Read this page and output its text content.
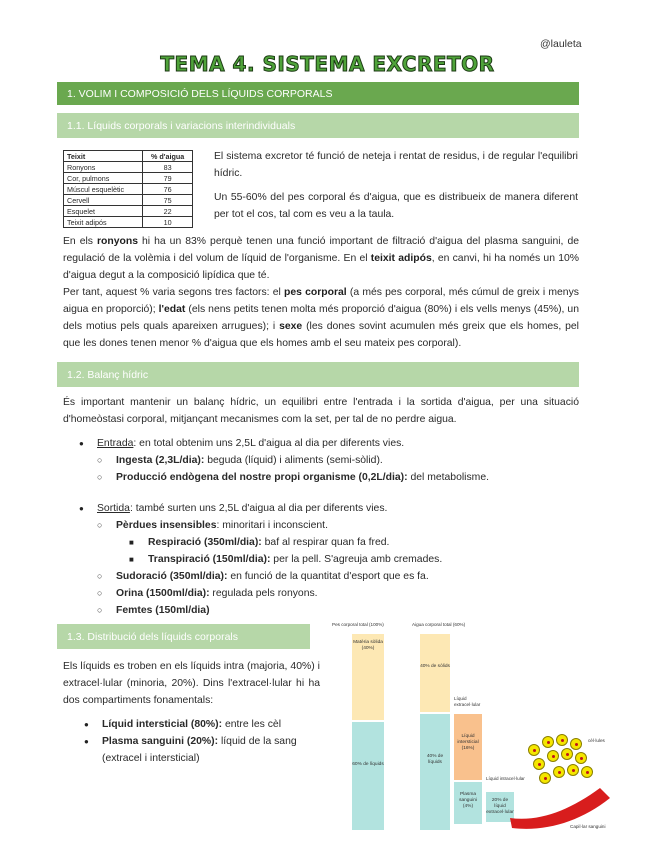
@lauleta
TEMA 4. SISTEMA EXCRETOR
1. VOLIM I COMPOSICIÓ DELS LÍQUIDS CORPORALS
1.1. Líquids corporals i variacions interindividuals
Teixit	% d'aigua
Ronyons	83
Cor, pulmons	79
Múscul esquelètic	76
Cervell	75
Esquelet	22
Teixit adipós	10
El sistema excretor té funció de neteja i rentat de residus, i de regular l'equilibri hídric.
Un 55-60% del pes corporal és d'aigua, que es distribueix de manera diferent per tot el cos, tal com es veu a la taula.
En els ronyons hi ha un 83% perquè tenen una funció important de filtració d'aigua del plasma sanguini, de regulació de la volèmia i del volum de líquid de l'organisme. En el teixit adipós, en canvi, hi ha només un 10% d'aigua degut a la composició lipídica que té.
Per tant, aquest % varia segons tres factors: el pes corporal (a més pes corporal, més cúmul de greix i menys aigua en proporció); l'edat (els nens petits tenen molta més proporció d'aigua (80%) i els vells menys (45%), un dels motius pels quals apareixen arrugues); i sexe (les dones sovint acumulen més greix que els homes, pel que les dones tenen menor % d'aigua que els homes amb el seu mateix pes corporal).
1.2. Balanç hídric
És important mantenir un balanç hídric, un equilibri entre l'entrada i la sortida d'aigua, per una situació d'homeòstasi corporal, mitjançant mecanismes com la set, per tal de no perdre aigua.
● Entrada: en total obtenim uns 2,5L d'aigua al dia per diferents vies.
○ Ingesta (2,3L/dia): beguda (líquid) i aliments (semi-sòlid).
○ Producció endògena del nostre propi organisme (0,2L/dia): del metabolisme.
● Sortida: també surten uns 2,5L d'aigua al dia per diferents vies.
○ Pèrdues insensibles: minoritari i inconscient.
■ Respiració (350ml/dia): baf al respirar quan fa fred.
■ Transpiració (150ml/dia): per la pell. S'agreuja amb cremades.
○ Sudoració (350ml/dia): en funció de la quantitat d'esport que es fa.
○ Orina (1500ml/dia): regulada pels ronyons.
○ Femtes (150ml/dia)
1.3. Distribució dels líquids corporals
Els líquids es troben en els líquids intra (majoria, 40%) i extracel·lular (minoria, 20%). Dins l'extracel·lular hi ha dos compartiments fonamentals:
● Líquid intersticial (80%): entre les cèl
● Plasma sanguini (20%): líquid de la sang (extracel i intersticial)
Pes corporal total (100%)	Aigua corporal total (60%)
Matèria sòlida (40%)
60% de líquids
40% de sòlids
40% de líquids
Líquid extracel·lular
Líquid intersticial (16%)
Plasma sanguini (4%)
20% de líquid extracel·lular
Líquid intracel·lular
cèl·lules
Capil·lar sanguini
